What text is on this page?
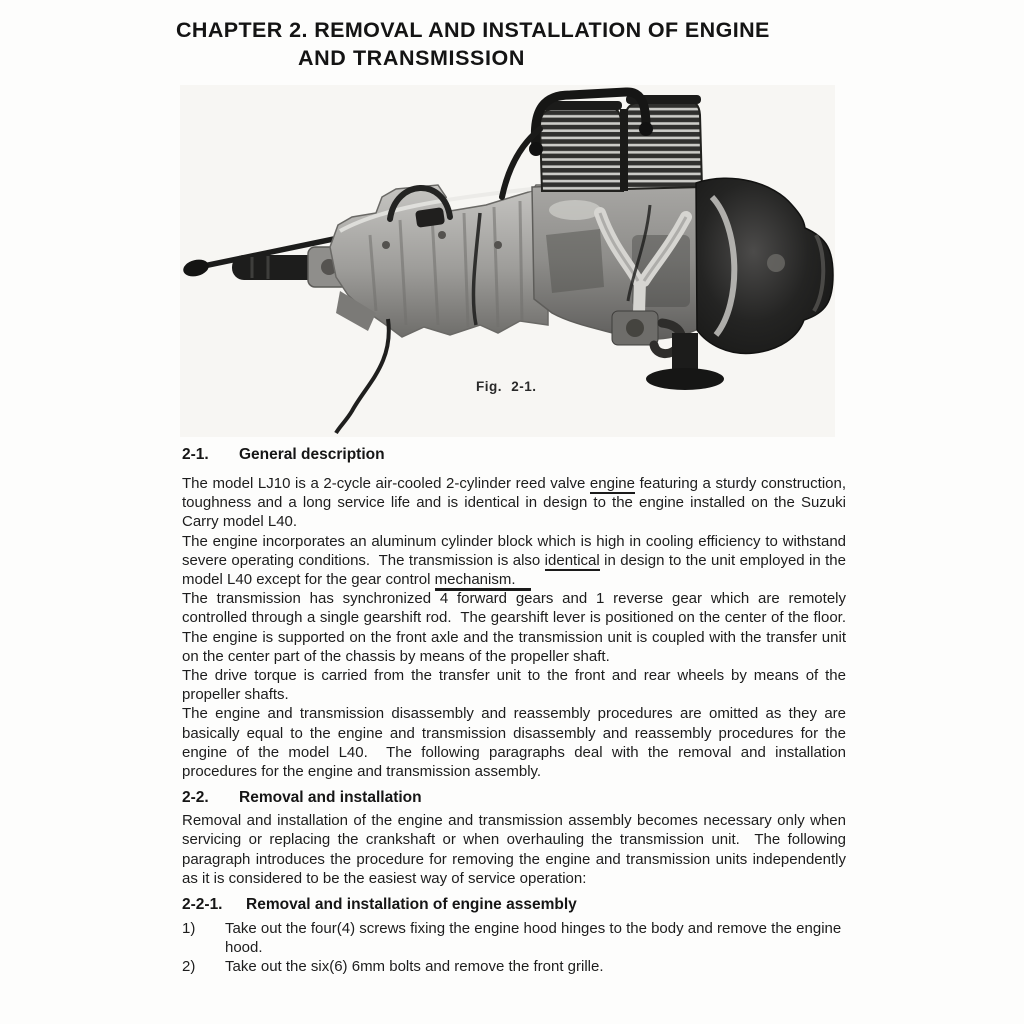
CHAPTER 2. REMOVAL AND INSTALLATION OF ENGINE
AND TRANSMISSION
Fig. 2-1.
2-1.	General description

The model LJ10 is a 2-cycle air-cooled 2-cylinder reed valve engine featuring a sturdy construction, toughness and a long service life and is identical in design to the engine installed on the Suzuki Carry model L40.

The engine incorporates an aluminum cylinder block which is high in cooling efficiency to withstand severe operating conditions.  The transmission is also identical in design to the unit employed in the model L40 except for the gear control mechanism.

The transmission has synchronized 4 forward gears and 1 reverse gear which are remotely controlled through a single gearshift rod.  The gearshift lever is positioned on the center of the floor.  The engine is supported on the front axle and the transmission unit is coupled with the transfer unit on the center part of the chassis by means of the propeller shaft.

The drive torque is carried from the transfer unit to the front and rear wheels by means of the propeller shafts.

The engine and transmission disassembly and reassembly procedures are omitted as they are basically equal to the engine and transmission disassembly and reassembly procedures for the engine of the model L40.  The following paragraphs deal with the removal and installation procedures for the engine and transmission assembly.

2-2.	Removal and installation

Removal and installation of the engine and transmission assembly becomes necessary only when servicing or replacing the crankshaft or when overhauling the transmission unit.  The following paragraph introduces the procedure for removing the engine and transmission units independently as it is considered to be the easiest way of service operation:

2-2-1.	Removal and installation of engine assembly
1)	Take out the four(4) screws fixing the engine hood hinges to the body and remove the engine hood.
2)	Take out the six(6) 6mm bolts and remove the front grille.
